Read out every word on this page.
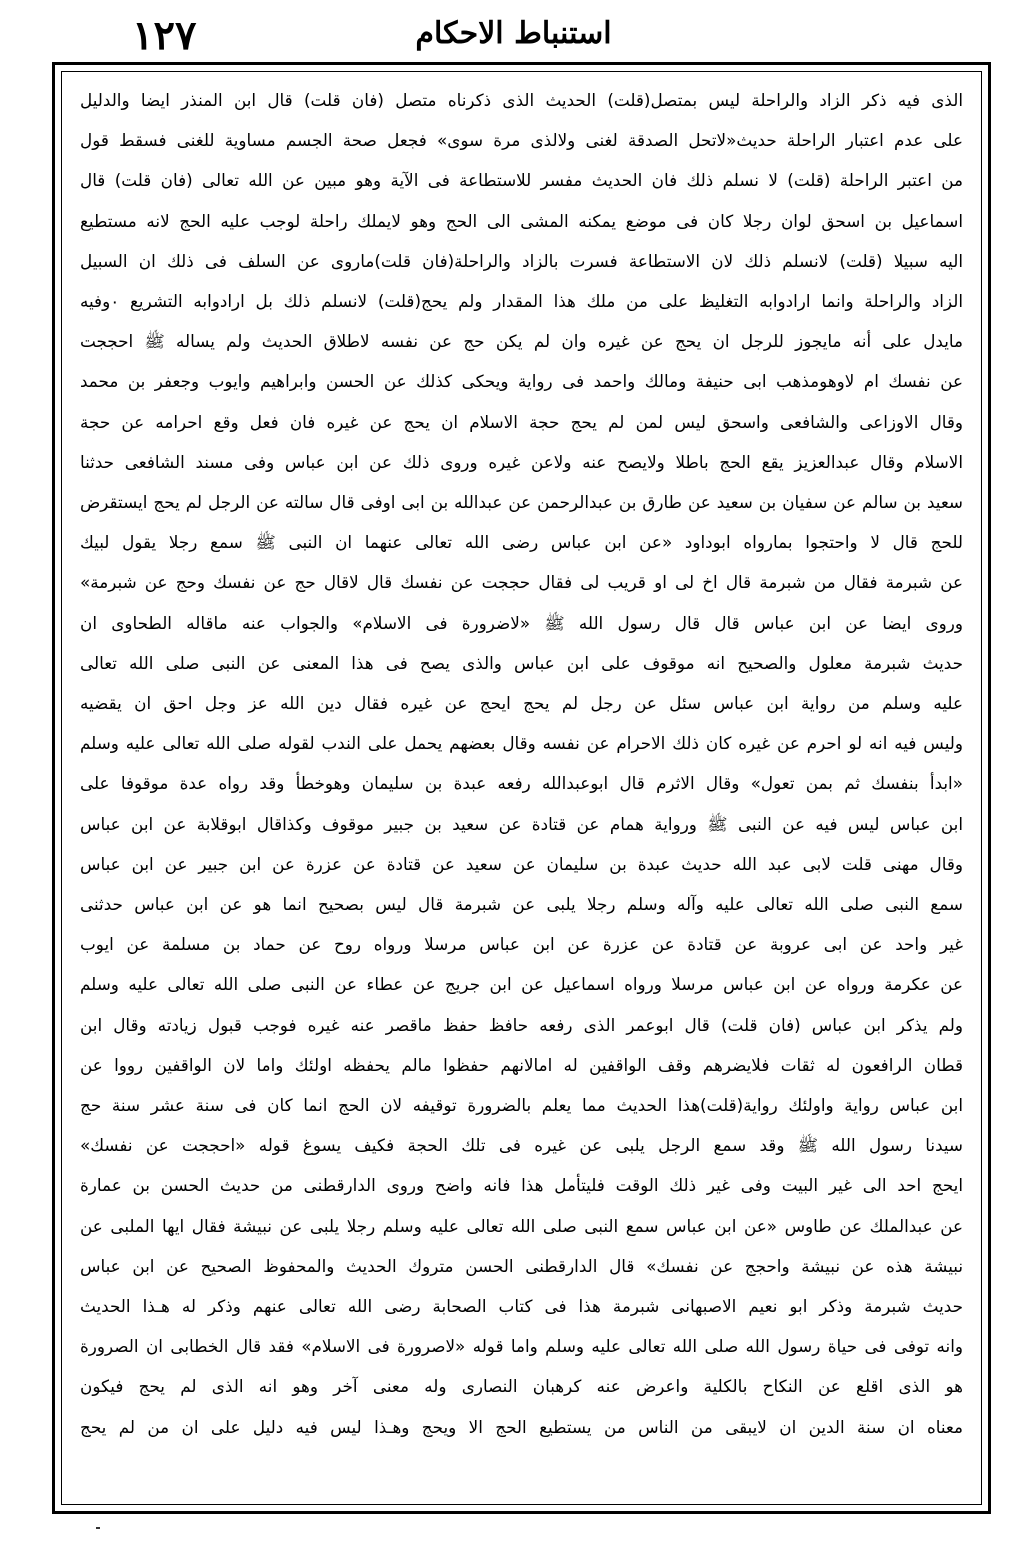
١٢٧	استنباط الاحكام
الذی فیه ذکر الزاد والراحلة لیس بمتصل(قلت) الحدیث الذی ذکرناه متصل (فان قلت) قال ابن المنذر ایضا والدلیل
علی عدم اعتبار الراحلة حدیث«لاتحل الصدقة لغنی ولالذی مرة سوی» فجعل صحة الجسم مساویة للغنی فسقط قول
من اعتبر الراحلة (قلت) لا نسلم ذلك فان الحدیث مفسر للاستطاعة فی الآیة وهو مبین عن الله تعالی (فان قلت) قال
اسماعیل بن اسحق لوان رجلا کان فی موضع یمکنه المشی الی الحج وهو لایملك راحلة لوجب علیه الحج لانه مستطیع
الیه سبیلا (قلت) لانسلم ذلك لان الاستطاعة فسرت بالزاد والراحلة(فان قلت)ماروی عن السلف فی ذلك ان السبیل
الزاد والراحلة وانما ارادوابه التغلیظ علی من ملك هذا المقدار ولم یحج(قلت) لانسلم ذلك بل ارادوابه التشریع ٠وفیه
مایدل علی أنه مایجوز للرجل ان یحج عن غیره وان لم یکن حج عن نفسه لاطلاق الحدیث ولم یساله ﷺ احججت
عن نفسك ام لاوهومذهب ابی حنیفة ومالك واحمد فی روایة ویحکی کذلك عن الحسن وابراهیم وایوب وجعفر بن محمد
وقال الاوزاعی والشافعی واسحق لیس لمن لم یحج حجة الاسلام ان یحج عن غیره فان فعل وقع احرامه عن حجة
الاسلام وقال عبدالعزیز یقع الحج باطلا ولایصح عنه ولاعن غیره وروی ذلك عن ابن عباس وفی مسند الشافعی حدثنا
سعید بن سالم عن سفیان بن سعید عن طارق بن عبدالرحمن عن عبدالله بن ابی اوفی قال سالته عن الرجل لم یحج ایستقرض
للحج قال لا واحتجوا بمارواه ابوداود «عن ابن عباس رضی الله تعالی عنهما ان النبی ﷺ سمع رجلا یقول لبیك
عن شبرمة فقال من شبرمة قال اخ لی او قریب لی فقال حججت عن نفسك قال لاقال حج عن نفسك وحج عن شبرمة»
وروی ایضا عن ابن عباس قال قال رسول الله ﷺ «لاضرورة فی الاسلام» والجواب عنه ماقاله الطحاوی ان
حدیث شبرمة معلول والصحیح انه موقوف علی ابن عباس والذی یصح فی هذا المعنی عن النبی صلی الله تعالی
علیه وسلم من روایة ابن عباس سئل عن رجل لم یحج ایحج عن غیره فقال دین الله عز وجل احق ان یقضیه
ولیس فیه انه لو احرم عن غیره کان ذلك الاحرام عن نفسه وقال بعضهم یحمل علی الندب لقوله صلی الله تعالی علیه وسلم
«ابدأ بنفسك ثم بمن تعول» وقال الاثرم قال ابوعبدالله رفعه عبدة بن سلیمان وهوخطأ وقد رواه عدة موقوفا علی
ابن عباس لیس فیه عن النبی ﷺ وروایة همام عن قتادة عن سعید بن جبیر موقوف وکذاقال ابوقلابة عن ابن عباس
وقال مهنی قلت لابی عبد الله حدیث عبدة بن سلیمان عن سعید عن قتادة عن عزرة عن ابن جبیر عن ابن عباس
سمع النبی صلی الله تعالی علیه وآله وسلم رجلا یلبی عن شبرمة قال لیس بصحیح انما هو عن ابن عباس حدثنی
غیر واحد عن ابی عروبة عن قتادة عن عزرة عن ابن عباس مرسلا ورواه روح عن حماد بن مسلمة عن ایوب
عن عکرمة ورواه عن ابن عباس مرسلا ورواه اسماعیل عن ابن جریج عن عطاء عن النبی صلی الله تعالی علیه وسلم
ولم یذکر ابن عباس (فان قلت) قال ابوعمر الذی رفعه حافظ حفظ ماقصر عنه غیره فوجب قبول زیادته وقال ابن
قطان الرافعون له ثقات فلایضرهم وقف الواقفین له امالانهم حفظوا مالم یحفظه اولئك واما لان الواقفین رووا عن
ابن عباس روایة واولئك روایة(قلت)هذا الحدیث مما یعلم بالضرورة توقیفه لان الحج انما کان فی سنة عشر سنة حج
سیدنا رسول الله ﷺ وقد سمع الرجل یلبی عن غیره فی تلك الحجة فکیف یسوغ قوله «احججت عن نفسك»
ایحج احد الی غیر البیت وفی غیر ذلك الوقت فلیتأمل هذا فانه واضح وروی الدارقطنی من حدیث الحسن بن عمارة
عن عبدالملك عن طاوس «عن ابن عباس سمع النبی صلی الله تعالی علیه وسلم رجلا یلبی عن نبیشة فقال ایها الملبی عن
نبیشة هذه عن نبیشة واحجج عن نفسك» قال الدارقطنی الحسن متروك الحدیث والمحفوظ الصحیح عن ابن عباس
حدیث شبرمة وذکر ابو نعیم الاصبهانی شبرمة هذا فی کتاب الصحابة رضی الله تعالی عنهم وذکر له هـذا الحدیث
وانه توفی فی حیاة رسول الله صلی الله تعالی علیه وسلم واما قوله «لاصرورة فی الاسلام» فقد قال الخطابی ان الصرورة
هو الذی اقلع عن النکاح بالکلیة واعرض عنه کرهبان النصاری وله معنی آخر وهو انه الذی لم یحج فیکون
معناه ان سنة الدین ان لایبقی من الناس من یستطیع الحج الا ویحج وهـذا لیس فیه دلیل علی ان من لم یحج
